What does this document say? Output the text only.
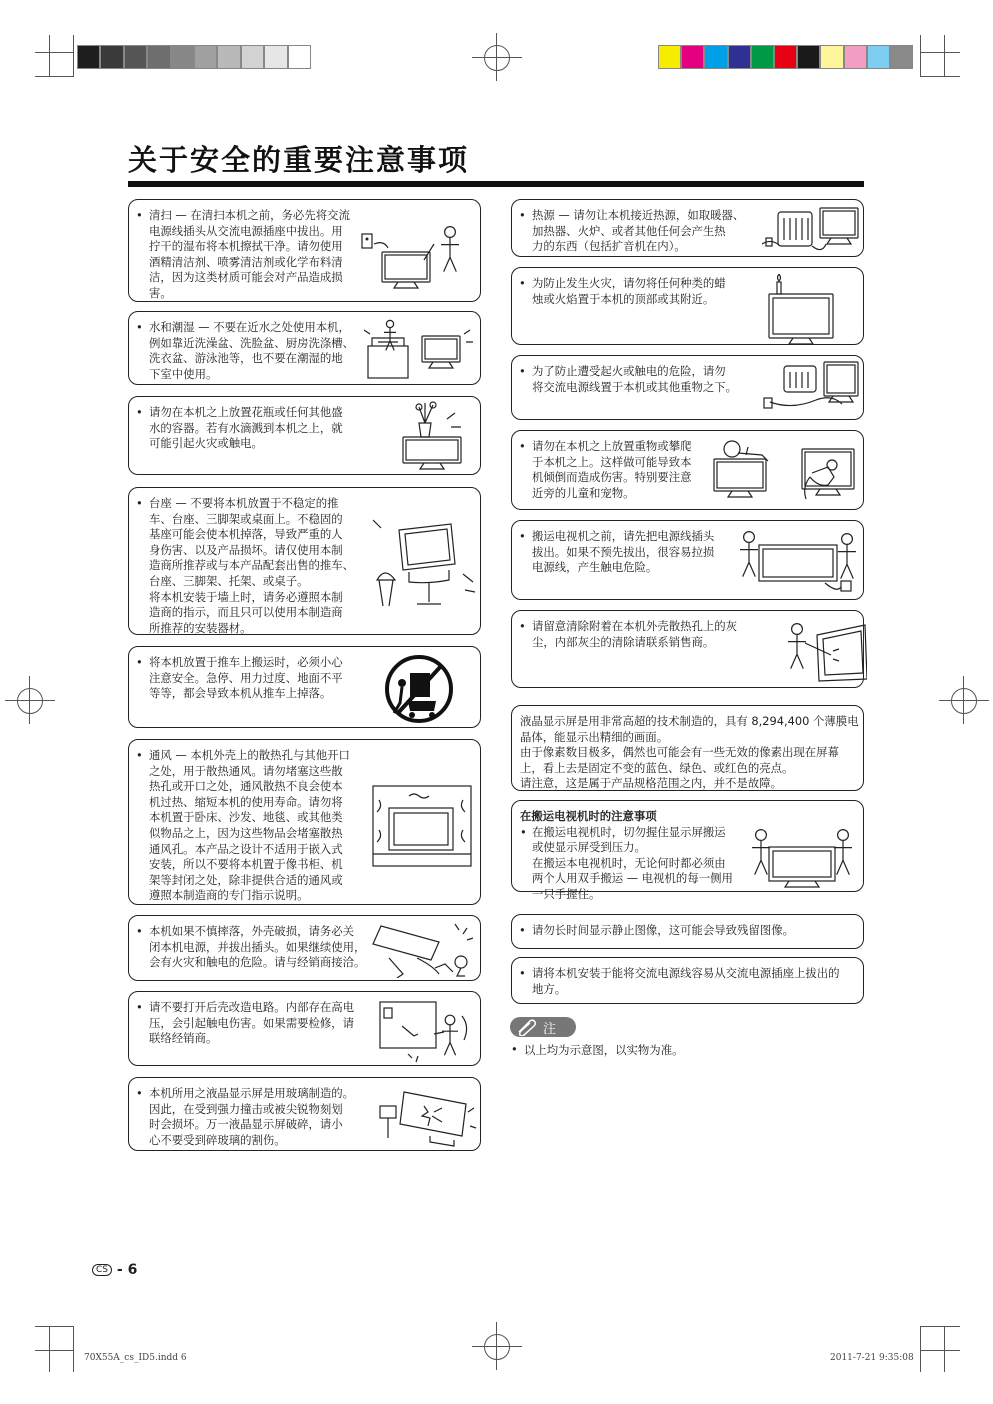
关于安全的重要注意事项
• 清扫 — 在清扫本机之前，务必先将交流
电源线插头从交流电源插座中拔出。用
拧干的湿布将本机擦拭干净。请勿使用
酒精清洁剂、喷雾清洁剂或化学布料清
洁，因为这类材质可能会对产品造成损
害。
• 水和潮湿 — 不要在近水之处使用本机，
例如靠近洗澡盆、洗脸盆、厨房洗涤槽、
洗衣盆、游泳池等，也不要在潮湿的地
下室中使用。
• 请勿在本机之上放置花瓶或任何其他盛
水的容器。若有水滴溅到本机之上，就
可能引起火灾或触电。
• 台座 — 不要将本机放置于不稳定的推
车、台座、三脚架或桌面上。不稳固的
基座可能会使本机掉落，导致严重的人
身伤害、以及产品损坏。请仅使用本制
造商所推荐或与本产品配套出售的推车、
台座、三脚架、托架、或桌子。
将本机安装于墙上时，请务必遵照本制
造商的指示，而且只可以使用本制造商
所推荐的安装器材。
• 将本机放置于推车上搬运时，必须小心
注意安全。急停、用力过度、地面不平
等等，都会导致本机从推车上掉落。
• 通风 — 本机外壳上的散热孔与其他开口
之处，用于散热通风。请勿堵塞这些散
热孔或开口之处，通风散热不良会使本
机过热、缩短本机的使用寿命。请勿将
本机置于卧床、沙发、地毯、或其他类
似物品之上，因为这些物品会堵塞散热
通风孔。本产品之设计不适用于嵌入式
安装，所以不要将本机置于像书柜、机
架等封闭之处，除非提供合适的通风或
遵照本制造商的专门指示说明。
• 本机如果不慎摔落，外壳破损，请务必关
闭本机电源，并拔出插头。如果继续使用，
会有火灾和触电的危险。请与经销商接洽。
• 请不要打开后壳改造电路。内部存在高电
压，会引起触电伤害。如果需要检修，请
联络经销商。
• 本机所用之液晶显示屏是用玻璃制造的。
因此，在受到强力撞击或被尖锐物刻划
时会损坏。万一液晶显示屏破碎，请小
心不要受到碎玻璃的割伤。
• 热源 — 请勿让本机接近热源，如取暖器、
加热器、火炉、或者其他任何会产生热
力的东西（包括扩音机在内）。
• 为防止发生火灾，请勿将任何种类的蜡
烛或火焰置于本机的顶部或其附近。
• 为了防止遭受起火或触电的危险，请勿
将交流电源线置于本机或其他重物之下。
• 请勿在本机之上放置重物或攀爬
于本机之上。这样做可能导致本
机倾倒而造成伤害。特别要注意
近旁的儿童和宠物。
• 搬运电视机之前，请先把电源线插头
拔出。如果不预先拔出，很容易拉损
电源线，产生触电危险。
• 请留意清除附着在本机外壳散热孔上的灰
尘，内部灰尘的清除请联系销售商。
液晶显示屏是用非常高超的技术制造的，具有 8,294,400 个薄膜电
晶体，能显示出精细的画面。
由于像素数目极多，偶然也可能会有一些无效的像素出现在屏幕
上，看上去是固定不变的蓝色、绿色、或红色的亮点。
请注意，这是属于产品规格范围之内，并不是故障。
在搬运电视机时的注意事项
在搬运电视机时，切勿握住显示屏搬运
或使显示屏受到压力。
在搬运本电视机时，无论何时都必须由
两个人用双手搬运 — 电视机的每一侧用
一只手握住。
•
• 请勿长时间显示静止图像，这可能会导致残留图像。
• 请将本机安装于能将交流电源线容易从交流电源插座上拔出的
地方。
注
• 以上均为示意图，以实物为准。
CS - 6
70X55A_cs_ID5.indd 6	2011-7-21 9:35:08
